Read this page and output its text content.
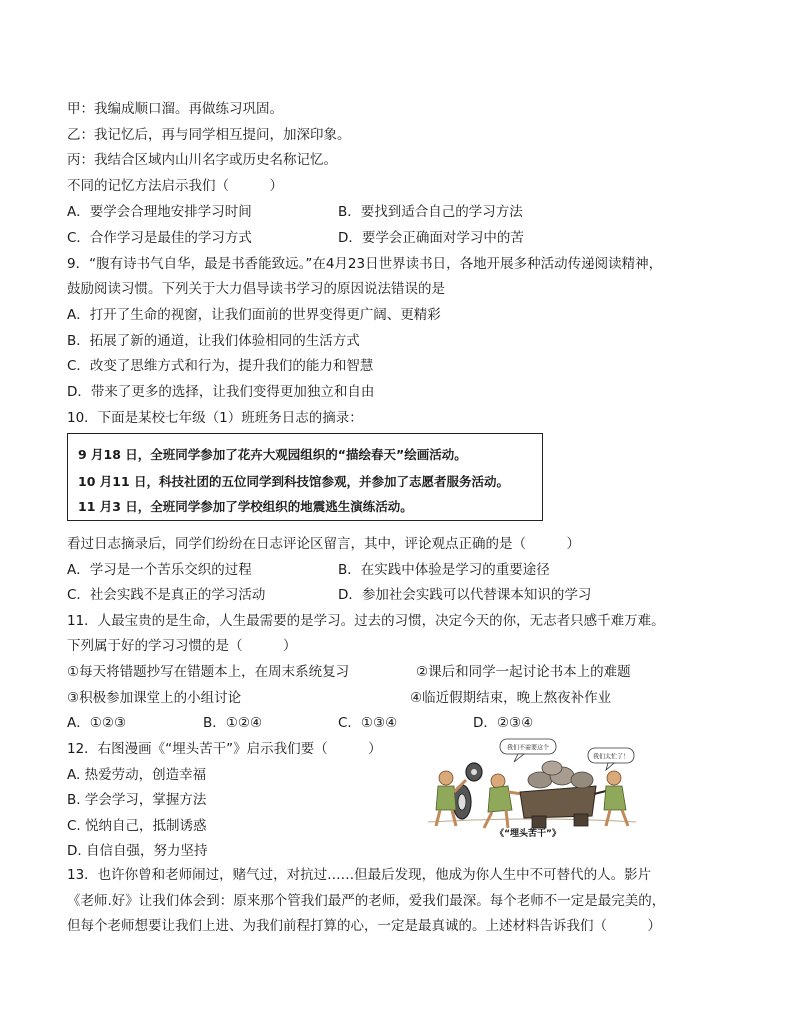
甲：我编成顺口溜。再做练习巩固。
乙：我记忆后，再与同学相互提问，加深印象。
丙：我结合区域内山川名字或历史名称记忆。
不同的记忆方法启示我们（　　　）
A．要学会合理地安排学习时间	B．要找到适合自己的学习方法
C．合作学习是最佳的学习方式	D．要学会正确面对学习中的苦
9．“腹有诗书气自华，最是书香能致远。”在4月23日世界读书日，各地开展多种活动传递阅读精神，
鼓励阅读习惯。下列关于大力倡导读书学习的原因说法错误的是
A．打开了生命的视窗，让我们面前的世界变得更广阔、更精彩
B．拓展了新的通道，让我们体验相同的生活方式
C．改变了思维方式和行为，提升我们的能力和智慧
D．带来了更多的选择，让我们变得更加独立和自由
10．下面是某校七年级（1）班班务日志的摘录：
9 月18 日，全班同学参加了花卉大观园组织的“描绘春天”绘画活动。
10 月11 日，科技社团的五位同学到科技馆参观，并参加了志愿者服务活动。
11 月3 日，全班同学参加了学校组织的地震逃生演练活动。
看过日志摘录后，同学们纷纷在日志评论区留言，其中，评论观点正确的是（　　　）
A．学习是一个苦乐交织的过程	B．在实践中体验是学习的重要途径
C．社会实践不是真正的学习活动	D．参加社会实践可以代替课本知识的学习
11．人最宝贵的是生命，人生最需要的是学习。过去的习惯，决定今天的你，无志者只感千难万难。
下列属于好的学习习惯的是（　　　）
①每天将错题抄写在错题本上，在周末系统复习	②课后和同学一起讨论书本上的难题
③积极参加课堂上的小组讨论	④临近假期结束，晚上熬夜补作业
A．①②③	B．①②④	C．①③④	D．②③④
12．右图漫画《“埋头苦干”》启示我们要（　　　）
A. 热爱劳动，创造幸福
B. 学会学习，掌握方法
C. 悦纳自己，抵制诱惑
D. 自信自强，努力坚持
我们不需要这个
我们太忙了！
《“埋头苦干”》
13．也许你曾和老师闹过，赌气过，对抗过……但最后发现，他成为你人生中不可替代的人。影片
《老师.好》让我们体会到：原来那个管我们最严的老师，爱我们最深。每个老师不一定是最完美的，
但每个老师想要让我们上进、为我们前程打算的心，一定是最真诚的。上述材料告诉我们（　　　）
